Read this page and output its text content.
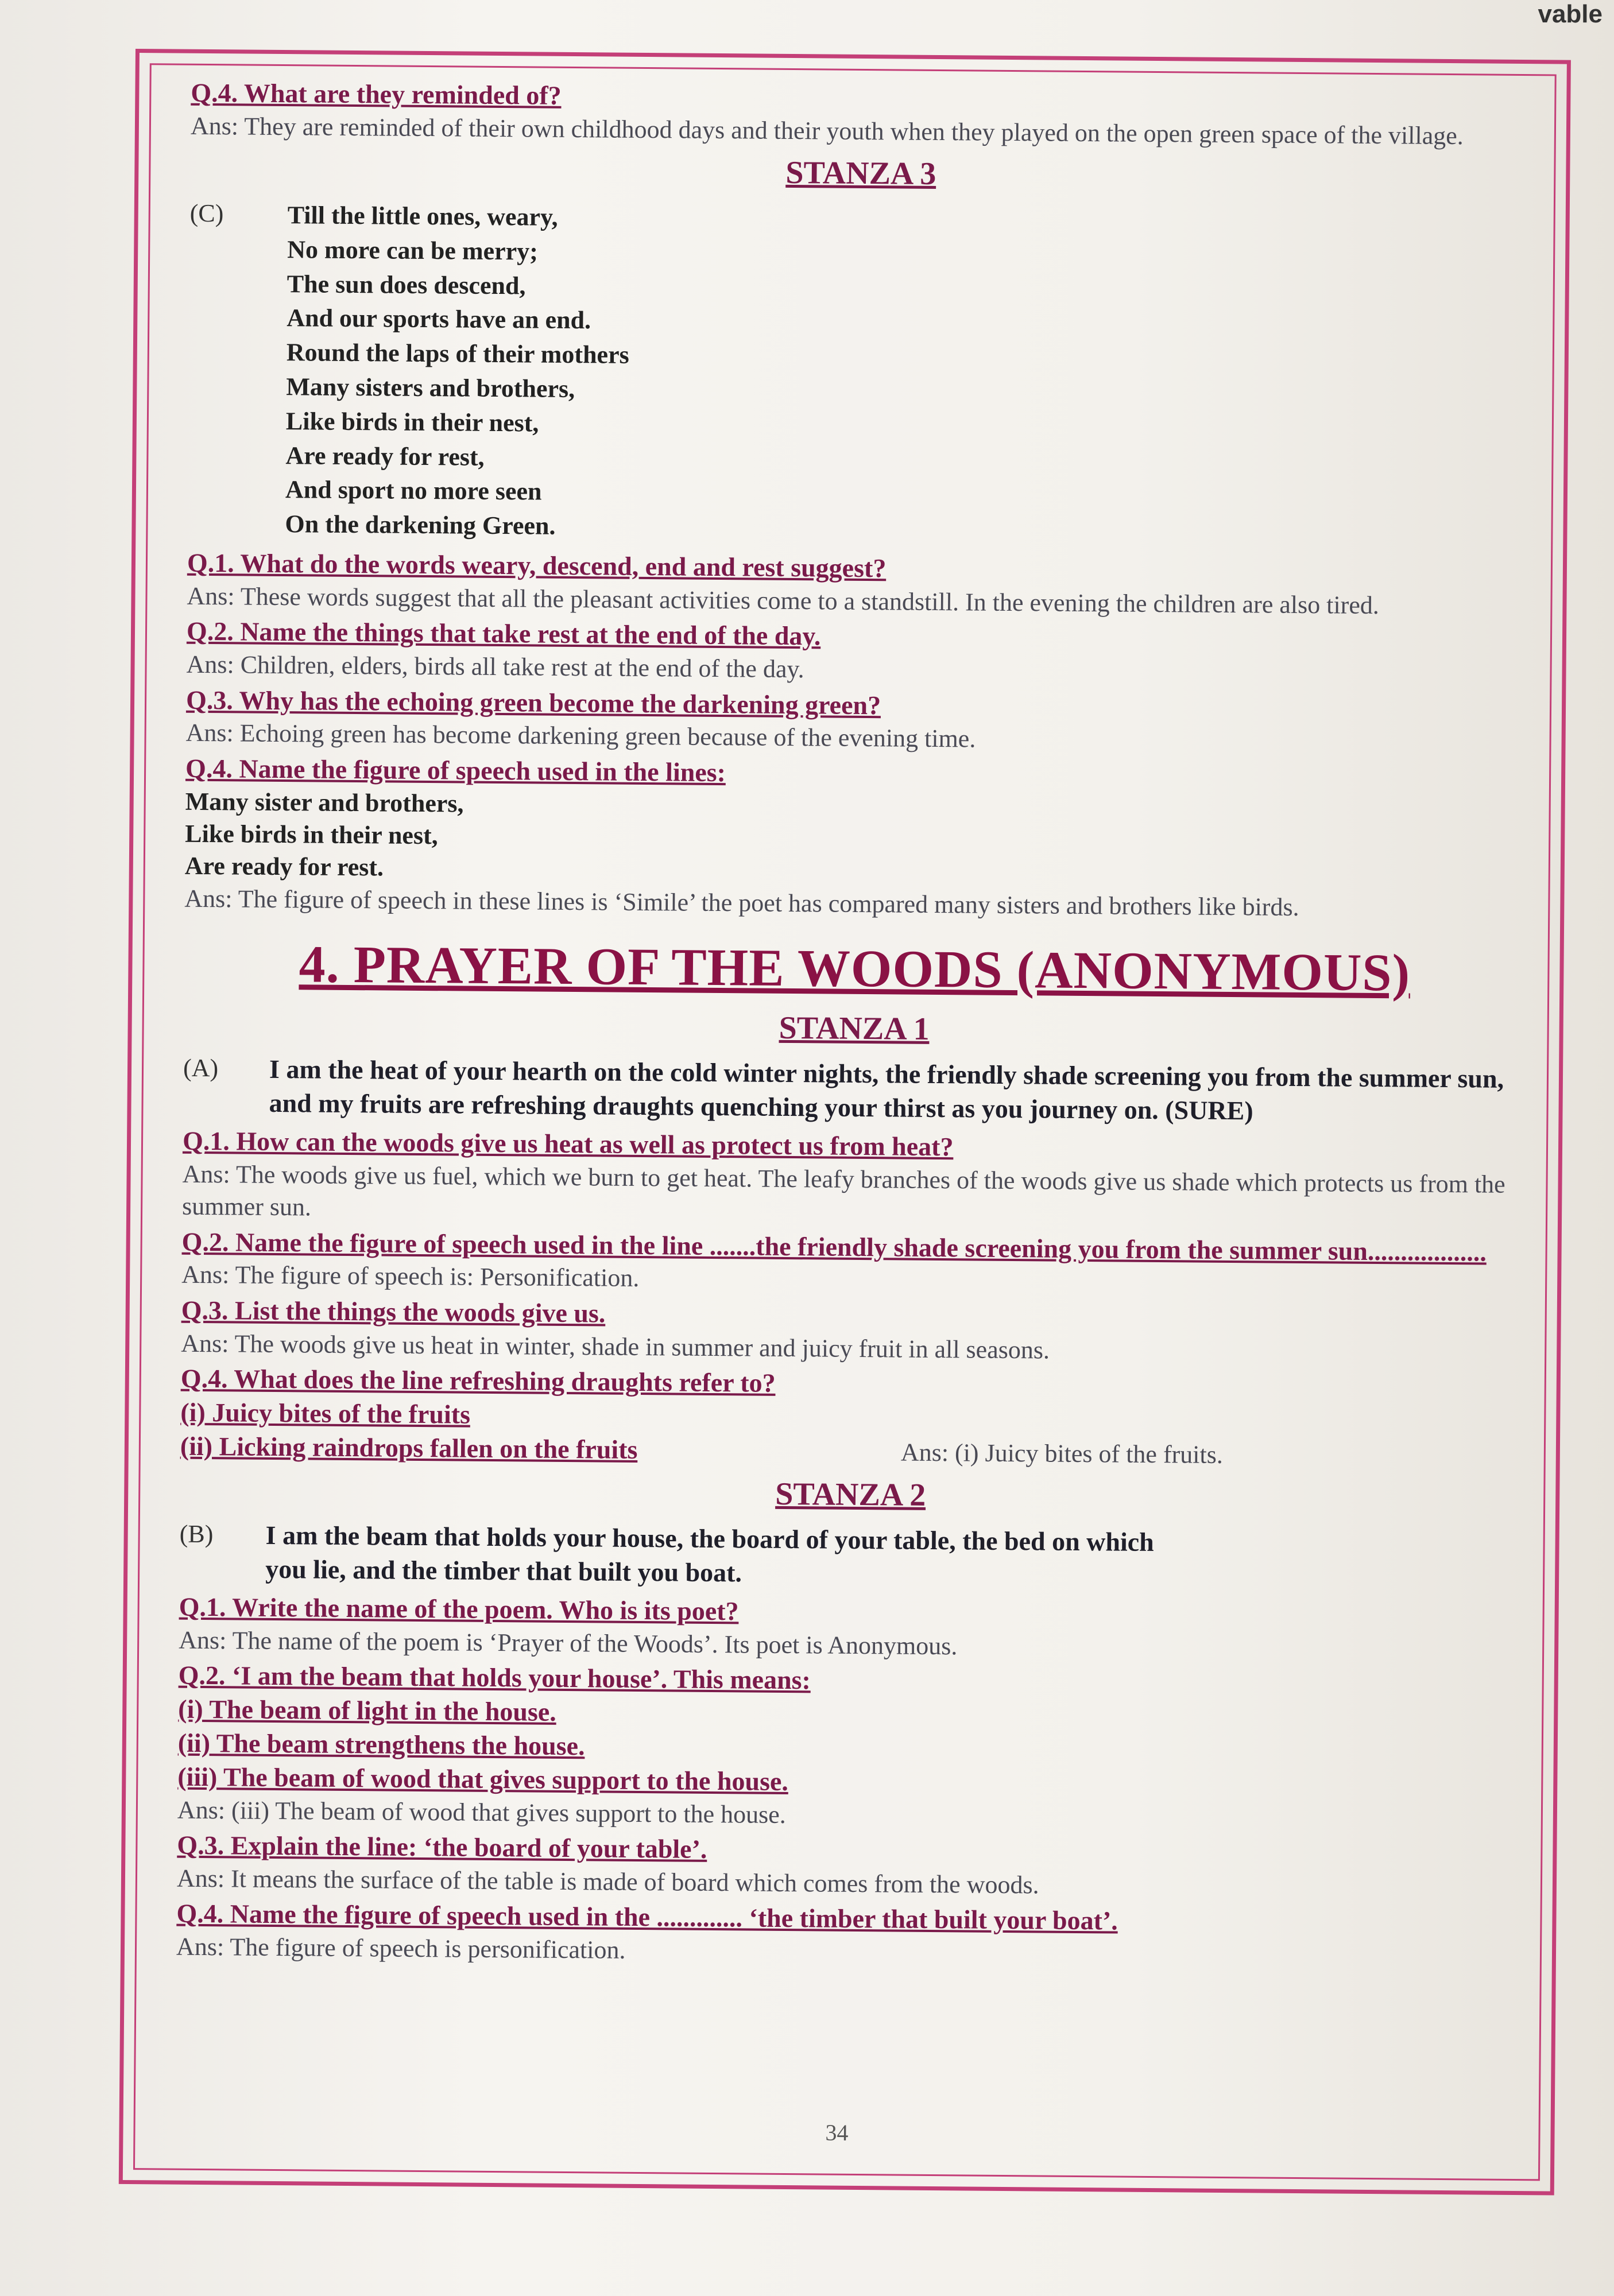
vable
Q.4. What are they reminded of?
Ans: They are reminded of their own childhood days and their youth when they played on the open green space of the village.
STANZA 3
(C)	Till the little ones, weary,
No more can be merry;
The sun does descend,
And our sports have an end.
Round the laps of their mothers
Many sisters and brothers,
Like birds in their nest,
Are ready for rest,
And sport no more seen
On the darkening Green.
Q.1. What do the words weary, descend, end and rest suggest?
Ans: These words suggest that all the pleasant activities come to a standstill. In the evening the children are also tired.
Q.2. Name the things that take rest at the end of the day.
Ans: Children, elders, birds all take rest at the end of the day.
Q.3. Why has the echoing green become the darkening green?
Ans: Echoing green has become darkening green because of the evening time.
Q.4. Name the figure of speech used in the lines:
Many sister and brothers,
Like birds in their nest,
Are ready for rest.
Ans: The figure of speech in these lines is ‘Simile’ the poet has compared many sisters and brothers like birds.
4. PRAYER OF THE WOODS (ANONYMOUS)
STANZA 1
(A)	I am the heat of your hearth on the cold winter nights, the friendly shade screening you from the summer sun, and my fruits are refreshing draughts quenching your thirst as you journey on. (SURE)
Q.1. How can the woods give us heat as well as protect us from heat?
Ans: The woods give us fuel, which we burn to get heat. The leafy branches of the woods give us shade which protects us from the summer sun.
Q.2. Name the figure of speech used in the line .......the friendly shade screening you from the summer sun..................
Ans: The figure of speech is: Personification.
Q.3. List the things the woods give us.
Ans: The woods give us heat in winter, shade in summer and juicy fruit in all seasons.
Q.4. What does the line refreshing draughts refer to?
(i) Juicy bites of the fruits
(ii) Licking raindrops fallen on the fruits	Ans: (i) Juicy bites of the fruits.
STANZA 2
(B)	I am the beam that holds your house, the board of your table, the bed on which you lie, and the timber that built you boat.
Q.1. Write the name of the poem. Who is its poet?
Ans: The name of the poem is ‘Prayer of the Woods’. Its poet is Anonymous.
Q.2. ‘I am the beam that holds your house’. This means:
(i) The beam of light in the house.
(ii) The beam strengthens the house.
(iii) The beam of wood that gives support to the house.
Ans: (iii) The beam of wood that gives support to the house.
Q.3. Explain the line: ‘the board of your table’.
Ans: It means the surface of the table is made of board which comes from the woods.
Q.4. Name the figure of speech used in the ............. ‘the timber that built your boat’.
Ans: The figure of speech is personification.
34
